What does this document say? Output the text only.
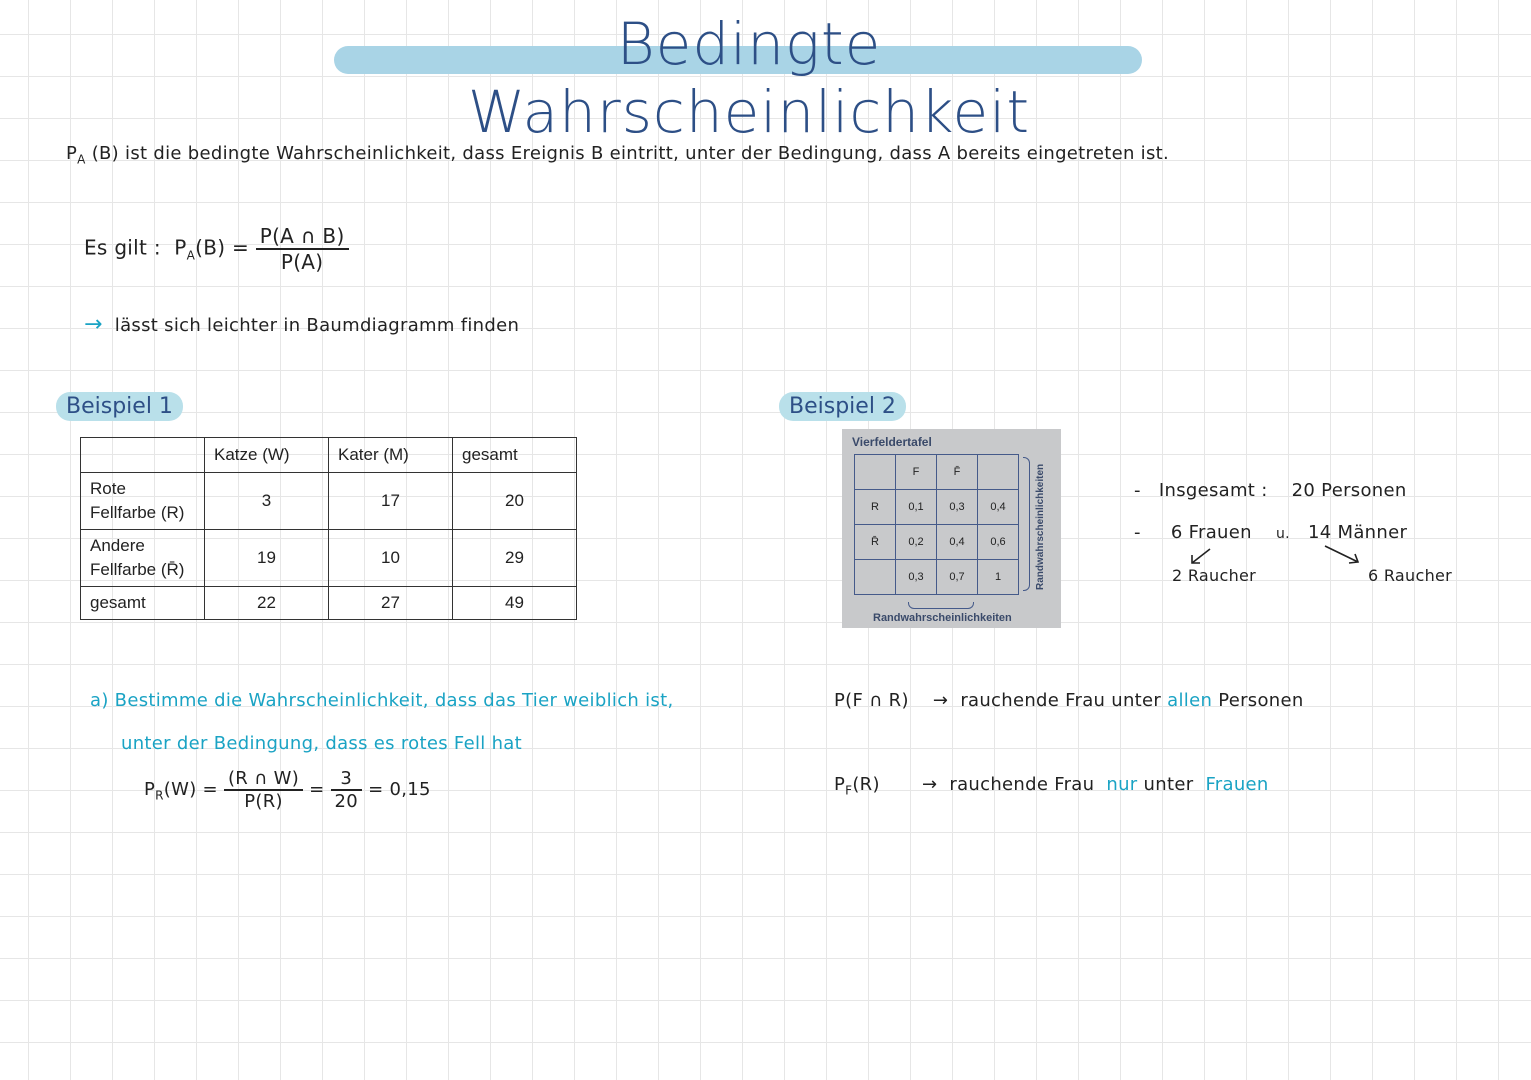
Bedingte Wahrscheinlichkeit
$P_A$ (B) ist die bedingte Wahrscheinlichkeit, dass Ereignis B eintritt, unter der Bedingung, dass A bereits eingetreten ist.
Es gilt : $P_A(B) = \frac{P(A \cap B)}{P(A)}$
→ lässt sich leichter in Baumdiagramm finden
Beispiel 1
	Katze (W)	Kater (M)	gesamt
Rote
Fellfarbe (R)	3	17	20
Andere
Fellfarbe (R̄)	19	10	29
gesamt	22	27	49
a) Bestimme die Wahrscheinlichkeit, dass das Tier weiblich ist,
unter der Bedingung, dass es rotes Fell hat
$P_R(W) = \frac{(R \cap W)}{P(R)} = \frac{3}{20} = 0,15$
Beispiel 2
Vierfeldertafel
	F	F̄	
R	0,1	0,3	0,4
R̄	0,2	0,4	0,6
	0,3	0,7	1	Randwahrscheinlichkeiten
Randwahrscheinlichkeiten
- Insgesamt : 20 Personen
- 6 Frauen u. 14 Männer
2 Raucher	6 Raucher
P(F ∩ R) → rauchende Frau unter allen Personen
$P_F(R)$ → rauchende Frau nur unter Frauen
